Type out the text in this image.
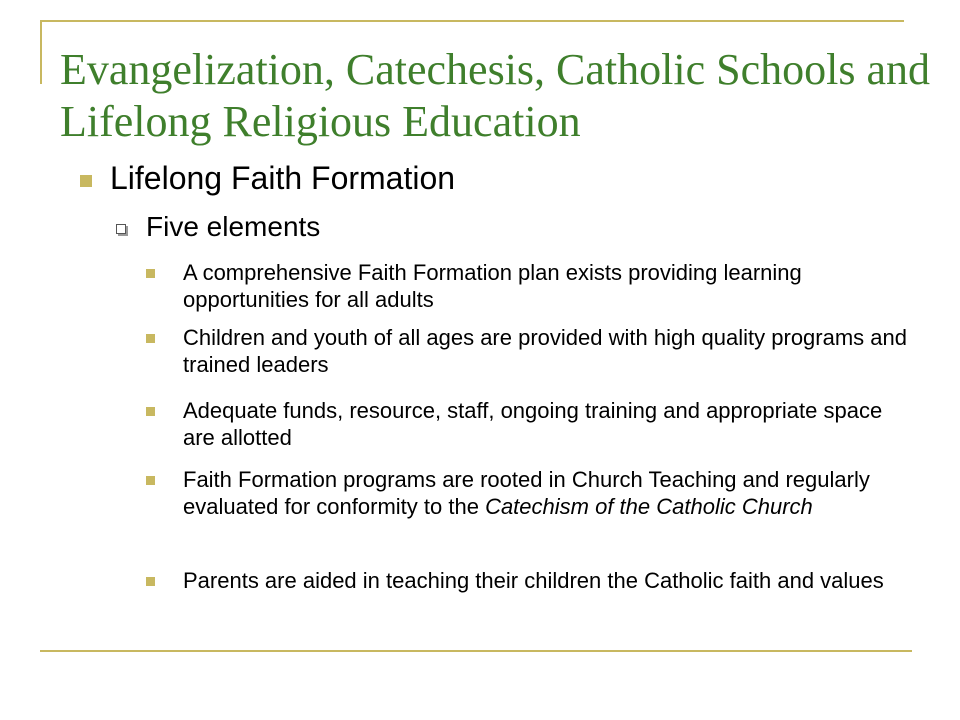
Evangelization, Catechesis, Catholic Schools and Lifelong Religious Education
Lifelong Faith Formation
Five elements
A comprehensive Faith Formation plan exists providing learning opportunities for all adults
Children and youth of all ages are provided with high quality programs and trained leaders
Adequate funds, resource, staff, ongoing training and appropriate space are allotted
Faith Formation programs are rooted in Church Teaching and regularly evaluated for conformity to the Catechism of the Catholic Church
Parents are aided in teaching their children the Catholic faith and values
